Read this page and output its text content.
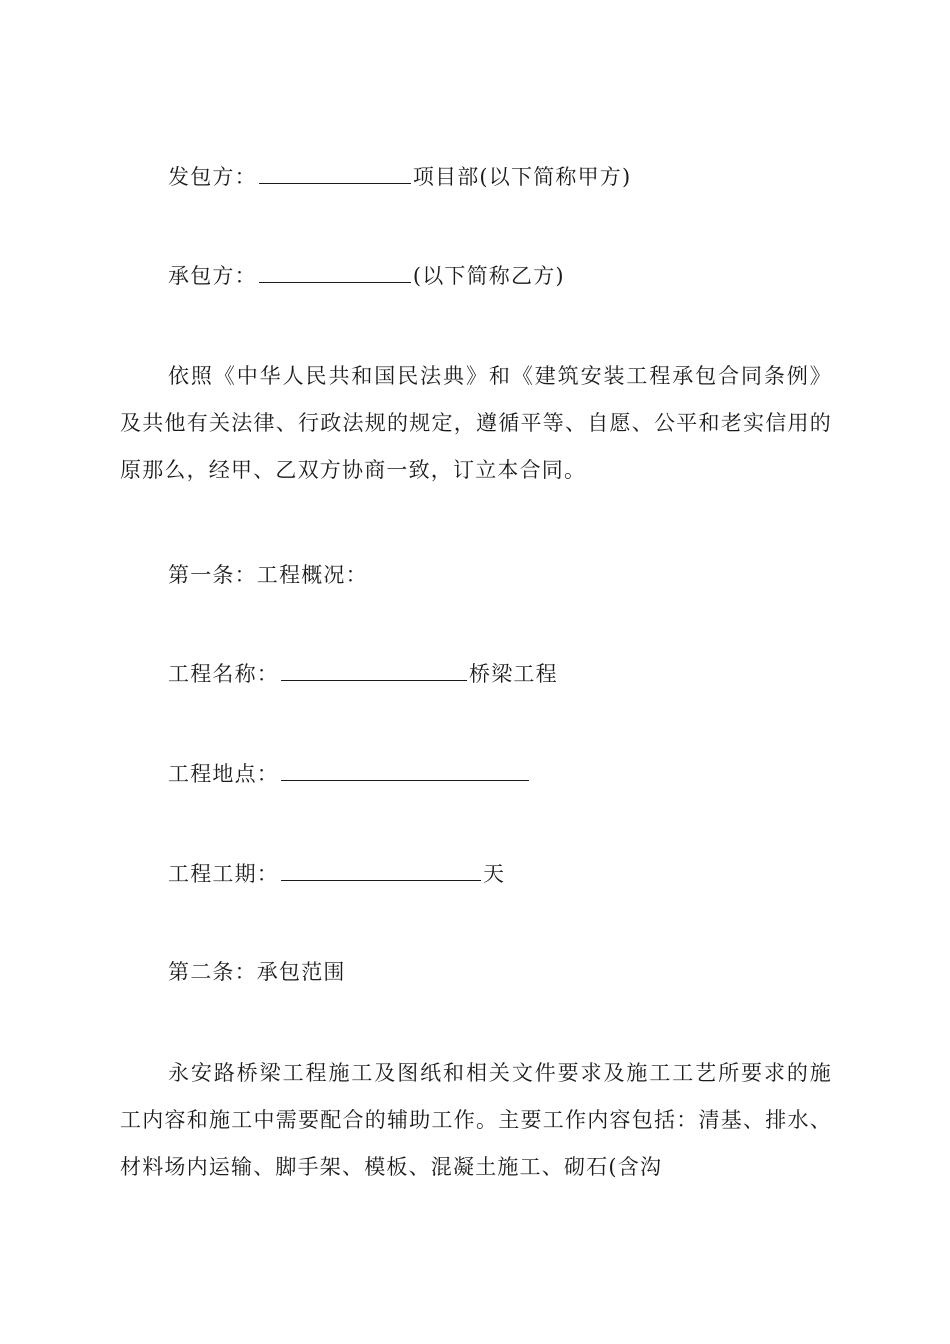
发包方：	项目部(以下简称甲方)
承包方：	(以下简称乙方)

依照《中华人民共和国民法典》和《建筑安装工程承包合同条例》及共他有关法律、行政法规的规定，遵循平等、自愿、公平和老实信用的原那么，经甲、乙双方协商一致，订立本合同。

第一条：工程概况：
工程名称：	桥梁工程
工程地点：
工程工期：	天
第二条：承包范围

永安路桥梁工程施工及图纸和相关文件要求及施工工艺所要求的施工内容和施工中需要配合的辅助工作。主要工作内容包括：清基、排水、材料场内运输、脚手架、模板、混凝土施工、砌石(含沟
